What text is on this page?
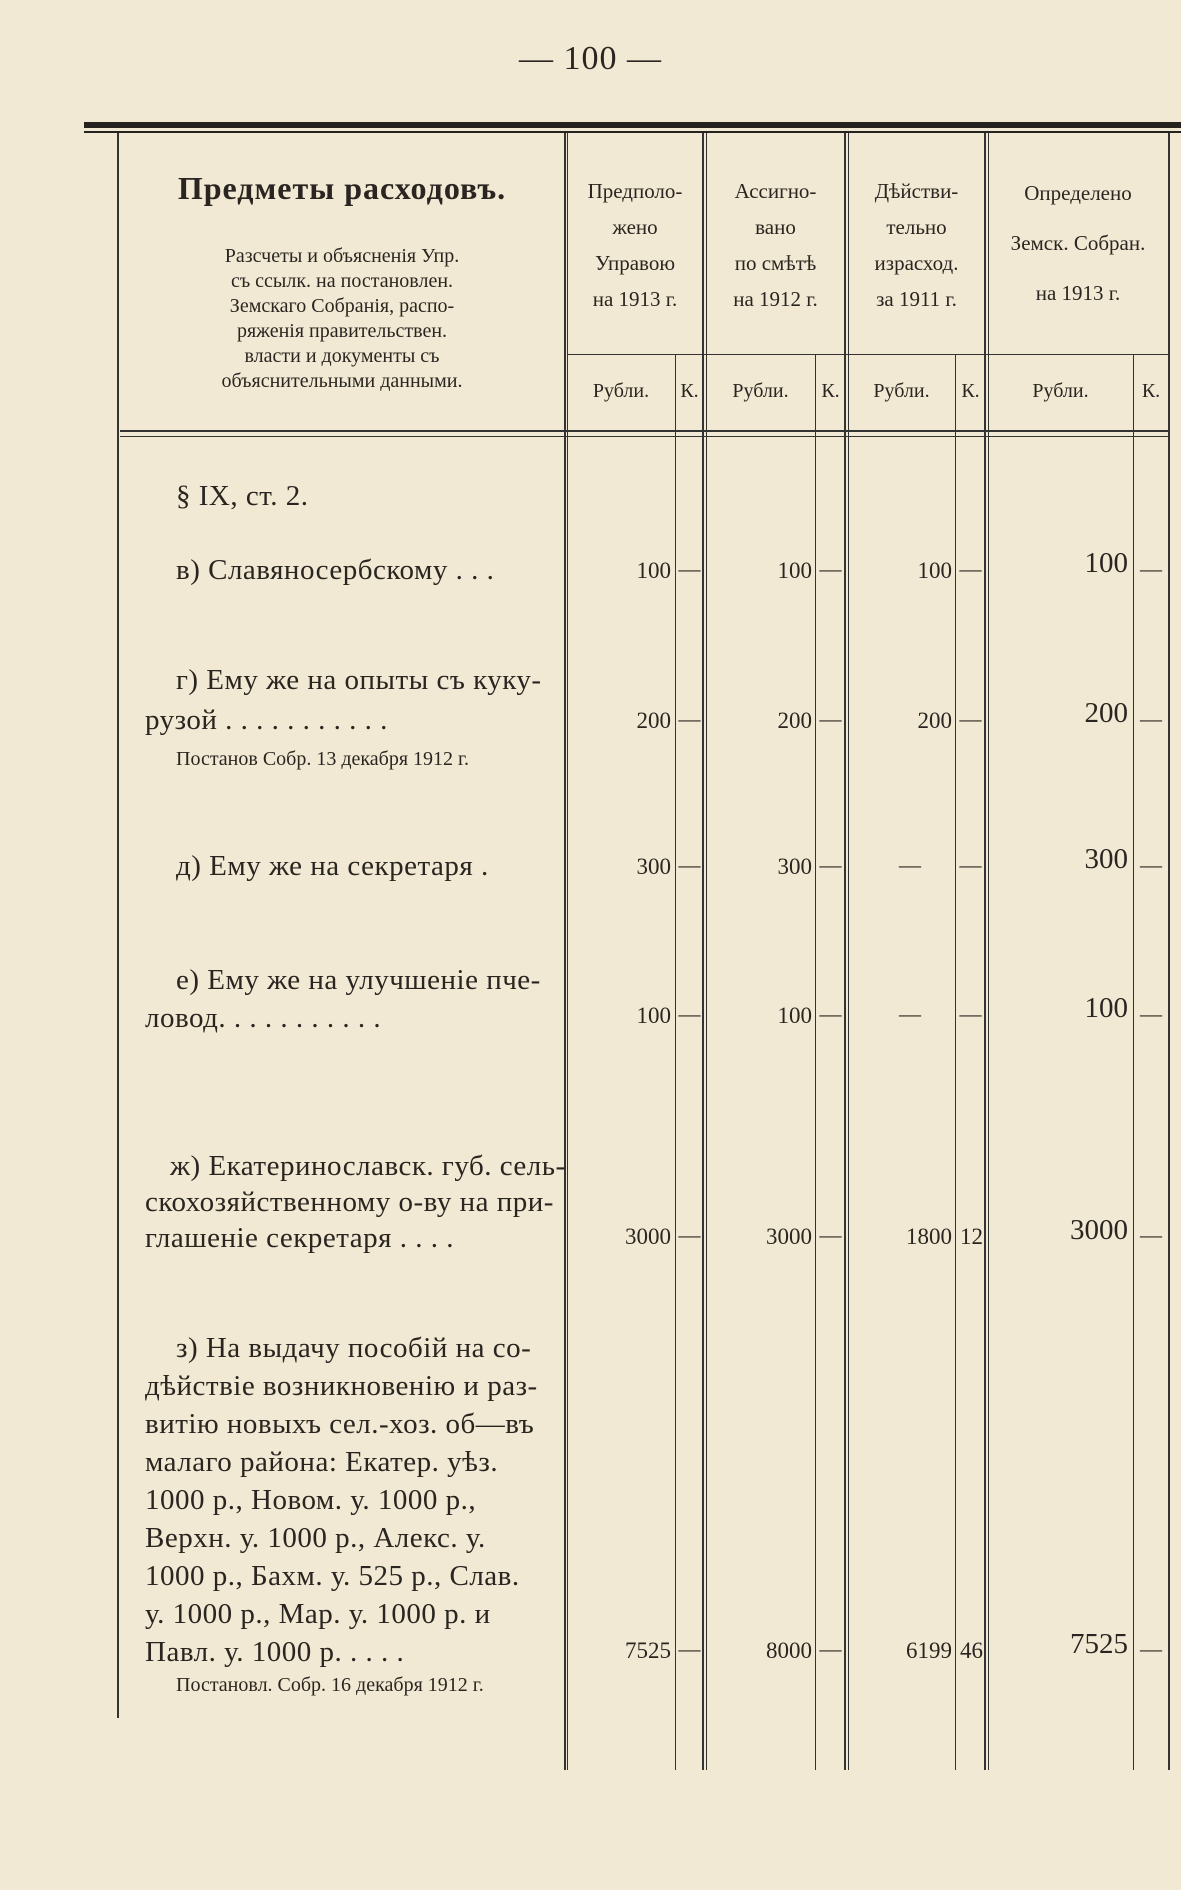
— 100 —
Предметы расходовъ.
Разсчеты и объясненія Упр.
съ ссылк. на постановлен.
Земскаго Собранія, распо-
ряженія правительствен.
власти и документы съ
объяснительными данными.
Предполо-
жено
Управою
на 1913 г.
Ассигно-
вано
по смѣтѣ
на 1912 г.
Дѣйстви-
тельно
израсход.
за 1911 г.
Определено
Земск. Собран.
на 1913 г.
Рубли.	К.	Рубли.	К.	Рубли.	К.	Рубли.	К.
§ IX, ст. 2.
в) Славяносербскому . . .	100 —	100 —	100 —	100 —
г) Ему же на опыты съ куку-
рузой . . . . . . . . . . .
Постанов Собр. 13 декабря 1912 г.
200 —	200 —	200 —	200 —
д) Ему же на секретаря .	300 —	300 —	—	—	300 —
е) Ему же на улучшеніе пче-
ловод. . . . . . . . . . .	100 —	100 —	—	—	100 —
ж) Екатеринославск. губ. сель-
скохозяйственному о-ву на при-
глашеніе секретаря . . . .	3000 —	3000 —	1800 12	3000 —
з) На выдачу пособій на со-
дѣйствіе возникновенію и раз-
витію новыхъ сел.-хоз. об—въ
малаго района: Екатер. уѣз.
1000 р., Новом. у. 1000 р.,
Верхн. у. 1000 р., Алекс. у.
1000 р., Бахм. у. 525 р., Слав.
у. 1000 р., Мар. у. 1000 р. и
Павл. у. 1000 р. . . . .
Постановл. Собр. 16 декабря 1912 г.
7525 —	8000 —	6199 46	7525 —
